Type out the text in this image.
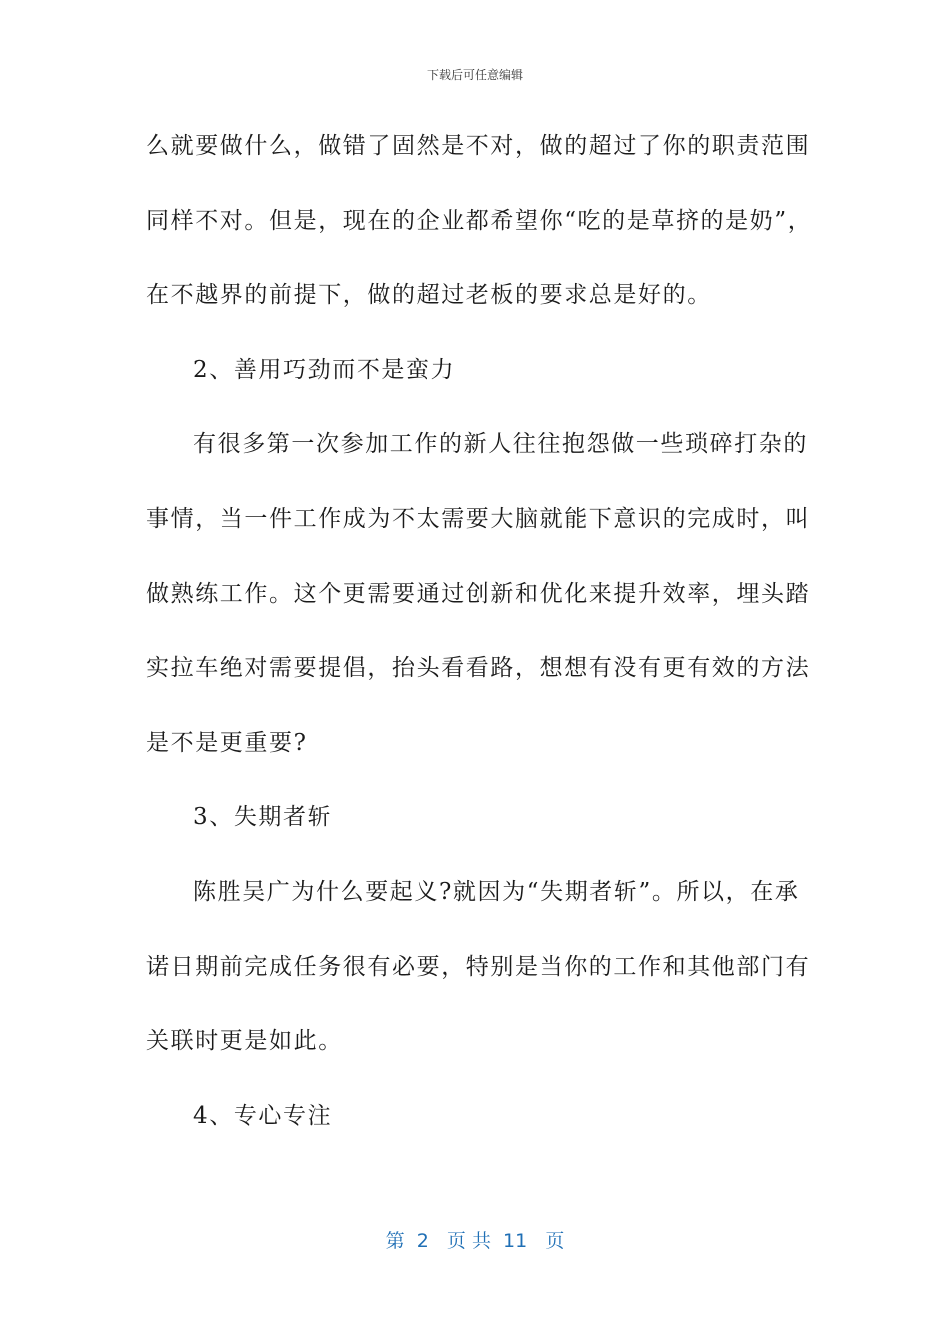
下载后可任意编辑
么就要做什么，做错了固然是不对，做的超过了你的职责范围
同样不对。但是，现在的企业都希望你“吃的是草挤的是奶”，
在不越界的前提下，做的超过老板的要求总是好的。
2、善用巧劲而不是蛮力
有很多第一次参加工作的新人往往抱怨做一些琐碎打杂的
事情，当一件工作成为不太需要大脑就能下意识的完成时，叫
做熟练工作。这个更需要通过创新和优化来提升效率，埋头踏
实拉车绝对需要提倡，抬头看看路，想想有没有更有效的方法
是不是更重要?
3、失期者斩
陈胜吴广为什么要起义?就因为“失期者斩”。所以，在承
诺日期前完成任务很有必要，特别是当你的工作和其他部门有
关联时更是如此。
4、专心专注
第  2   页 共  11   页
